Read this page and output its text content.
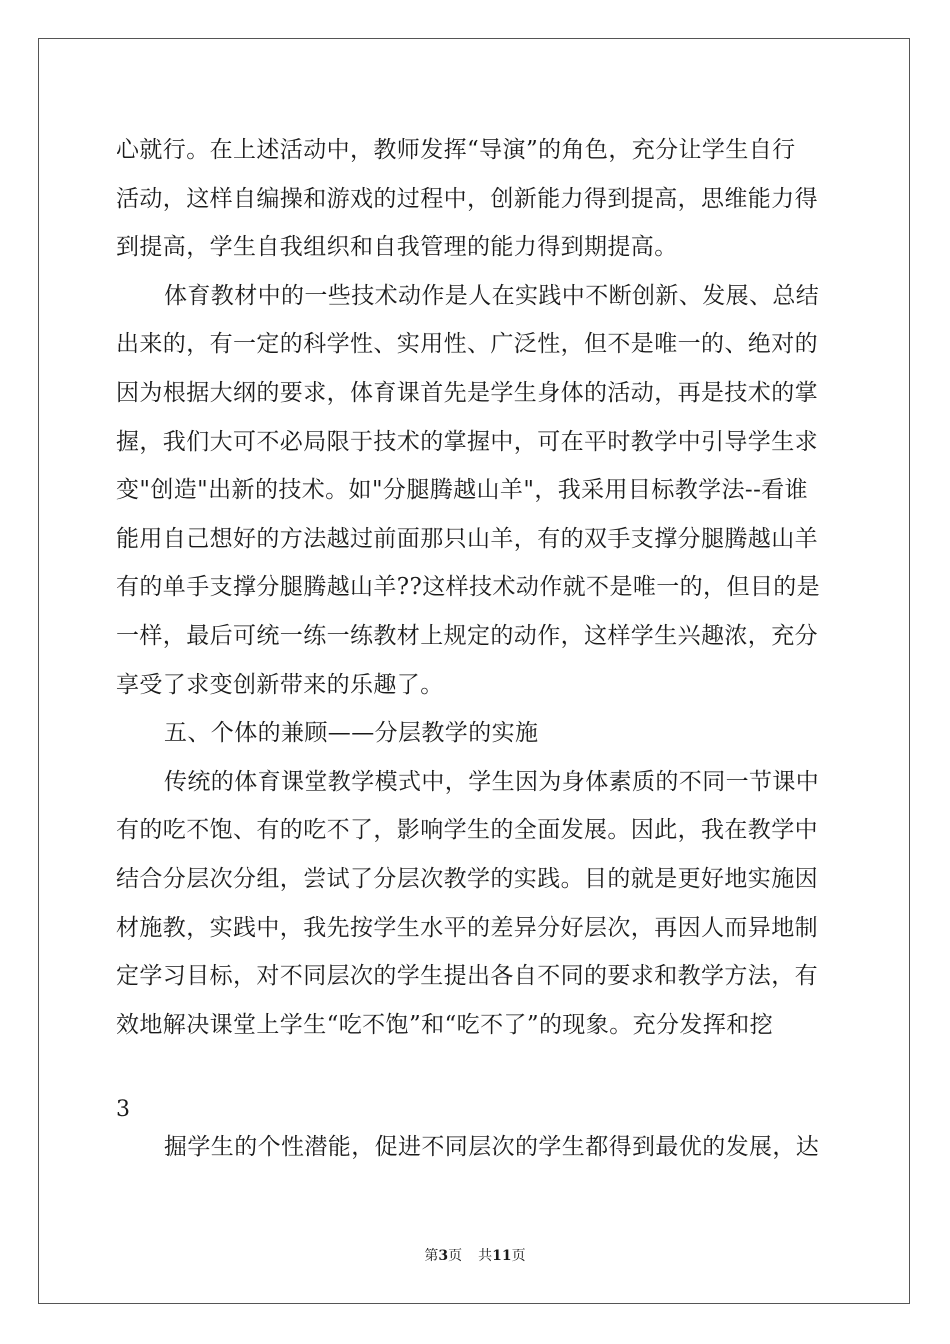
心就行。在上述活动中，教师发挥“导演”的角色，充分让学生自行
活动，这样自编操和游戏的过程中，创新能力得到提高，思维能力得
到提高，学生自我组织和自我管理的能力得到期提高。
体育教材中的一些技术动作是人在实践中不断创新、发展、总结
出来的，有一定的科学性、实用性、广泛性，但不是唯一的、绝对的
因为根据大纲的要求，体育课首先是学生身体的活动，再是技术的掌
握，我们大可不必局限于技术的掌握中，可在平时教学中引导学生求
变"创造"出新的技术。如"分腿腾越山羊"，我采用目标教学法--看谁
能用自己想好的方法越过前面那只山羊，有的双手支撑分腿腾越山羊
有的单手支撑分腿腾越山羊??这样技术动作就不是唯一的，但目的是
一样，最后可统一练一练教材上规定的动作，这样学生兴趣浓，充分
享受了求变创新带来的乐趣了。
五、个体的兼顾——分层教学的实施
传统的体育课堂教学模式中，学生因为身体素质的不同一节课中
有的吃不饱、有的吃不了，影响学生的全面发展。因此，我在教学中
结合分层次分组，尝试了分层次教学的实践。目的就是更好地实施因
材施教，实践中，我先按学生水平的差异分好层次，再因人而异地制
定学习目标，对不同层次的学生提出各自不同的要求和教学方法，有
效地解决课堂上学生“吃不饱”和“吃不了”的现象。充分发挥和挖
3
掘学生的个性潜能，促进不同层次的学生都得到最优的发展，达
第3页 共11页
